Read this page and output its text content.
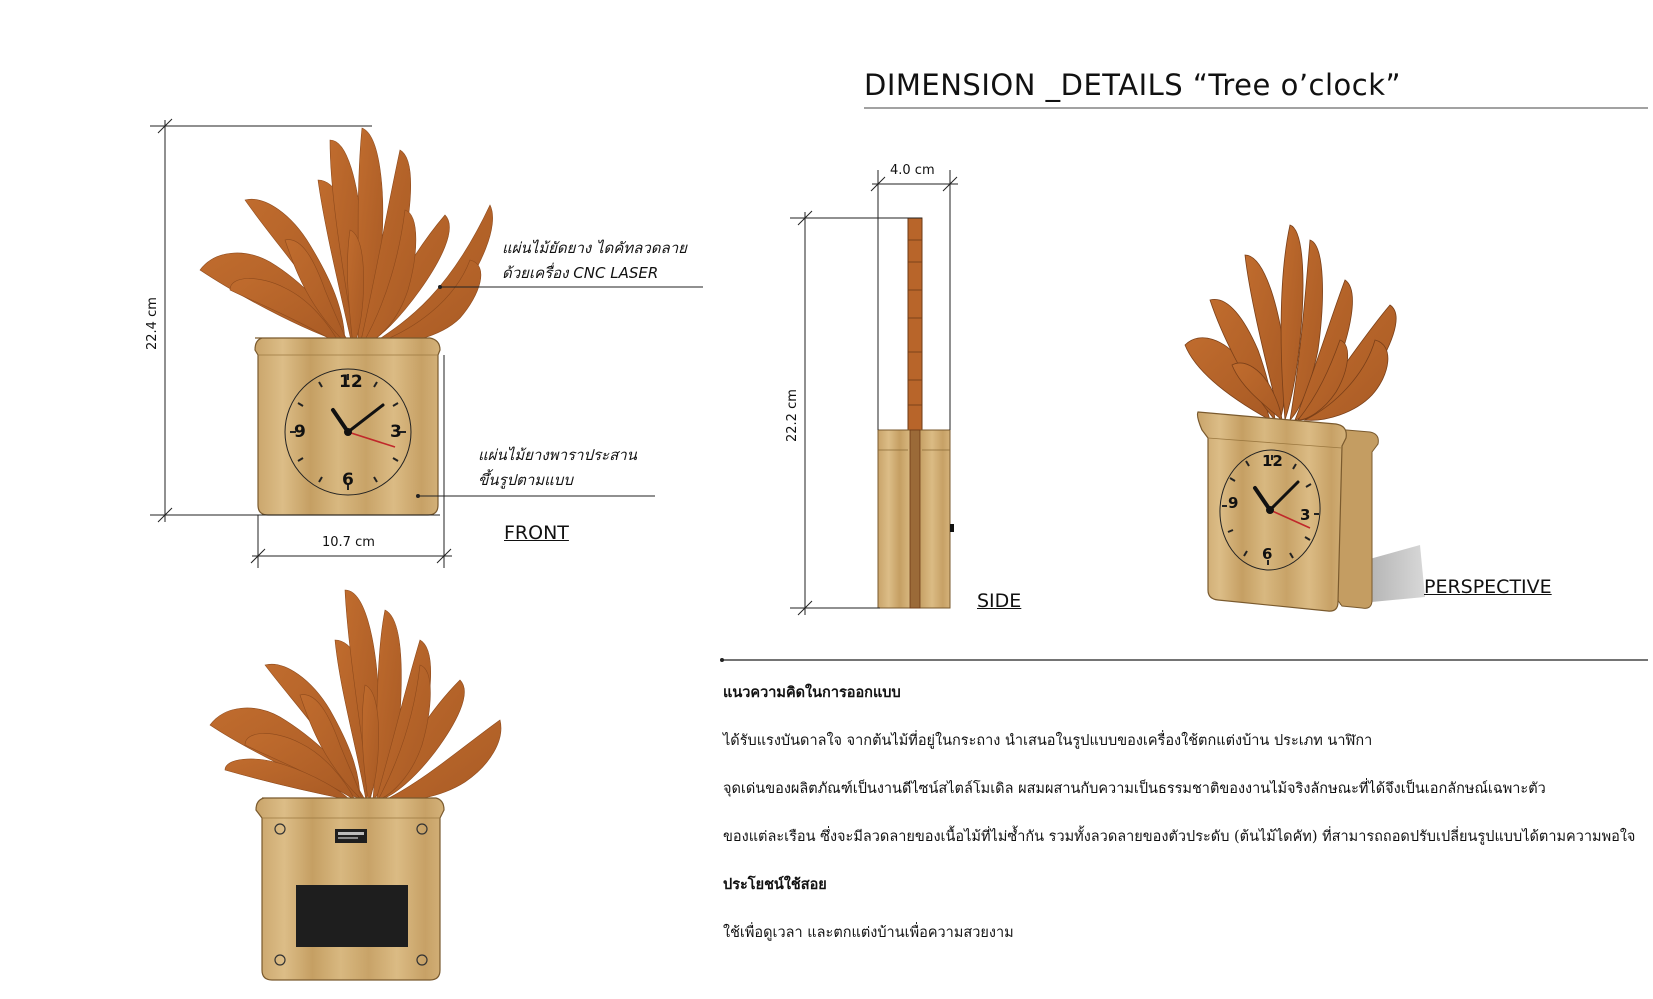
DIMENSION _DETAILS “Tree o’clock”
FRONT
SIDE
PERSPECTIVE
22.4 cm
10.7 cm
4.0 cm
22.2 cm
แผ่นไม้ยัดยาง ไดคัทลวดลาย
ด้วยเครื่อง CNC LASER
แผ่นไม้ยางพาราประสาน
ขึ้นรูปตามแบบ
12
3
6
9
12
3
6
9
แนวความคิดในการออกแบบ
ได้รับแรงบันดาลใจ จากต้นไม้ที่อยู่ในกระถาง นำเสนอในรูปแบบของเครื่องใช้ตกแต่งบ้าน ประเภท นาฬิกา
จุดเด่นของผลิตภัณฑ์เป็นงานดีไซน์สไตล์โมเดิล ผสมผสานกับความเป็นธรรมชาติของงานไม้จริงลักษณะที่ได้จึงเป็นเอกลักษณ์เฉพาะตัว
ของแต่ละเรือน ซึ่งจะมีลวดลายของเนื้อไม้ที่ไม่ซ้ำกัน รวมทั้งลวดลายของตัวประดับ (ต้นไม้ไดคัท) ที่สามารถถอดปรับเปลี่ยนรูปแบบได้ตามความพอใจ
ประโยชน์ใช้สอย
ใช้เพื่อดูเวลา และตกแต่งบ้านเพื่อความสวยงาม
